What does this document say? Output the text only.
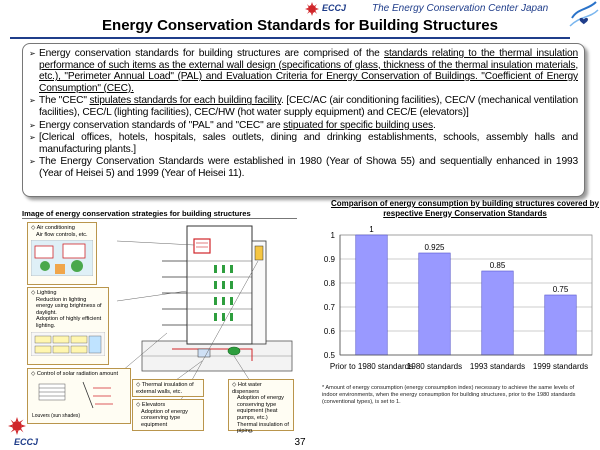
ECCJ	The Energy Conservation Center Japan
Energy Conservation Standards for Building Structures
➢ Energy conservation standards for building structures are comprised of the standards relating to the thermal insulation performance of such items as the external wall design (specifications of glass, thickness of the thermal insulation materials, etc.), "Perimeter Annual Load" (PAL) and Evaluation Criteria for Energy Conservation of Buildings. "Coefficient of Energy Consumption" (CEC).
➢ The "CEC" stipulates standards for each building facility. [CEC/AC (air conditioning facilities), CEC/V (mechanical ventilation facilities), CEC/L (lighting facilities), CEC/HW (hot water supply equipment) and CEC/E (elevators)]
➢ Energy conservation standards of "PAL" and "CEC" are stipuated for specific building uses.
➢ [Clerical offices, hotels, hospitals, sales outlets, dining and drinking establishments, schools, assembly halls and manufacturing plants.]
➢ The Energy Conservation Standards were established in 1980 (Year of Showa 55) and sequentially enhanced in 1993 (Year of Heisei 5) and 1999 (Year of Heisei 11).
Image of energy conservation strategies for building structures
◇ Air conditioning
Air flow controls, etc.
◇ Lighting
Reduction in lighting energy using brightness of daylight.
Adoption of highly efficient lighting.
◇ Control of solar radiation amount
Louvers (sun shades)
◇ Thermal insulation of external walls, etc.
◇ Elevators
Adoption of energy conserving type equipment
◇ Hot water dispensers
Adoption of energy conserving type equipment (heat pumps, etc.)
Thermal insulation of piping.
Comparison of energy consumption by building structures covered by respective Energy Conservation Standards
0.5
0.6
0.7
0.8
0.9
1
1
Prior to 1980 standards
0.925
1980 standards
0.85
1993 standards
0.75
1999 standards
* Amount of energy consumption (energy consumption index) necessary to achieve the same levels of indoor environments, when the energy consumption for building structures, prior to the 1980 standards (conventional types), is set to 1.
ECCJ	37
